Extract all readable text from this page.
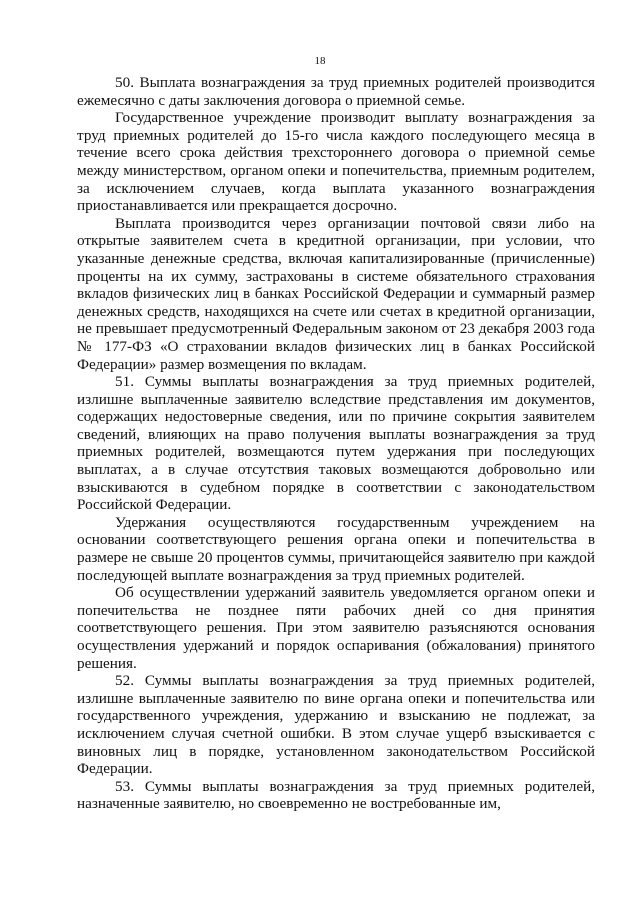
18

50. Выплата вознаграждения за труд приемных родителей производится ежемесячно с даты заключения договора о приемной семье.

Государственное учреждение производит выплату вознаграждения за труд приемных родителей до 15-го числа каждого последующего месяца в течение всего срока действия трехстороннего договора о приемной семье между министерством, органом опеки и попечительства, приемным родителем, за исключением случаев, когда выплата указанного вознаграждения приостанавливается или прекращается досрочно.

Выплата производится через организации почтовой связи либо на открытые заявителем счета в кредитной организации, при условии, что указанные денежные средства, включая капитализированные (причисленные) проценты на их сумму, застрахованы в системе обязательного страхования вкладов физических лиц в банках Российской Федерации и суммарный размер денежных средств, находящихся на счете или счетах в кредитной организации, не превышает предусмотренный Федеральным законом от 23 декабря 2003 года № 177-ФЗ «О страховании вкладов физических лиц в банках Российской Федерации» размер возмещения по вкладам.

51. Суммы выплаты вознаграждения за труд приемных родителей, излишне выплаченные заявителю вследствие представления им документов, содержащих недостоверные сведения, или по причине сокрытия заявителем сведений, влияющих на право получения выплаты вознаграждения за труд приемных родителей, возмещаются путем удержания при последующих выплатах, а в случае отсутствия таковых возмещаются добровольно или взыскиваются в судебном порядке в соответствии с законодательством Российской Федерации.

Удержания осуществляются государственным учреждением на основании соответствующего решения органа опеки и попечительства в размере не свыше 20 процентов суммы, причитающейся заявителю при каждой последующей выплате вознаграждения за труд приемных родителей.

Об осуществлении удержаний заявитель уведомляется органом опеки и попечительства не позднее пяти рабочих дней со дня принятия соответствующего решения. При этом заявителю разъясняются основания осуществления удержаний и порядок оспаривания (обжалования) принятого решения.

52. Суммы выплаты вознаграждения за труд приемных родителей, излишне выплаченные заявителю по вине органа опеки и попечительства или государственного учреждения, удержанию и взысканию не подлежат, за исключением случая счетной ошибки. В этом случае ущерб взыскивается с виновных лиц в порядке, установленном законодательством Российской Федерации.

53. Суммы выплаты вознаграждения за труд приемных родителей, назначенные заявителю, но своевременно не востребованные им,
